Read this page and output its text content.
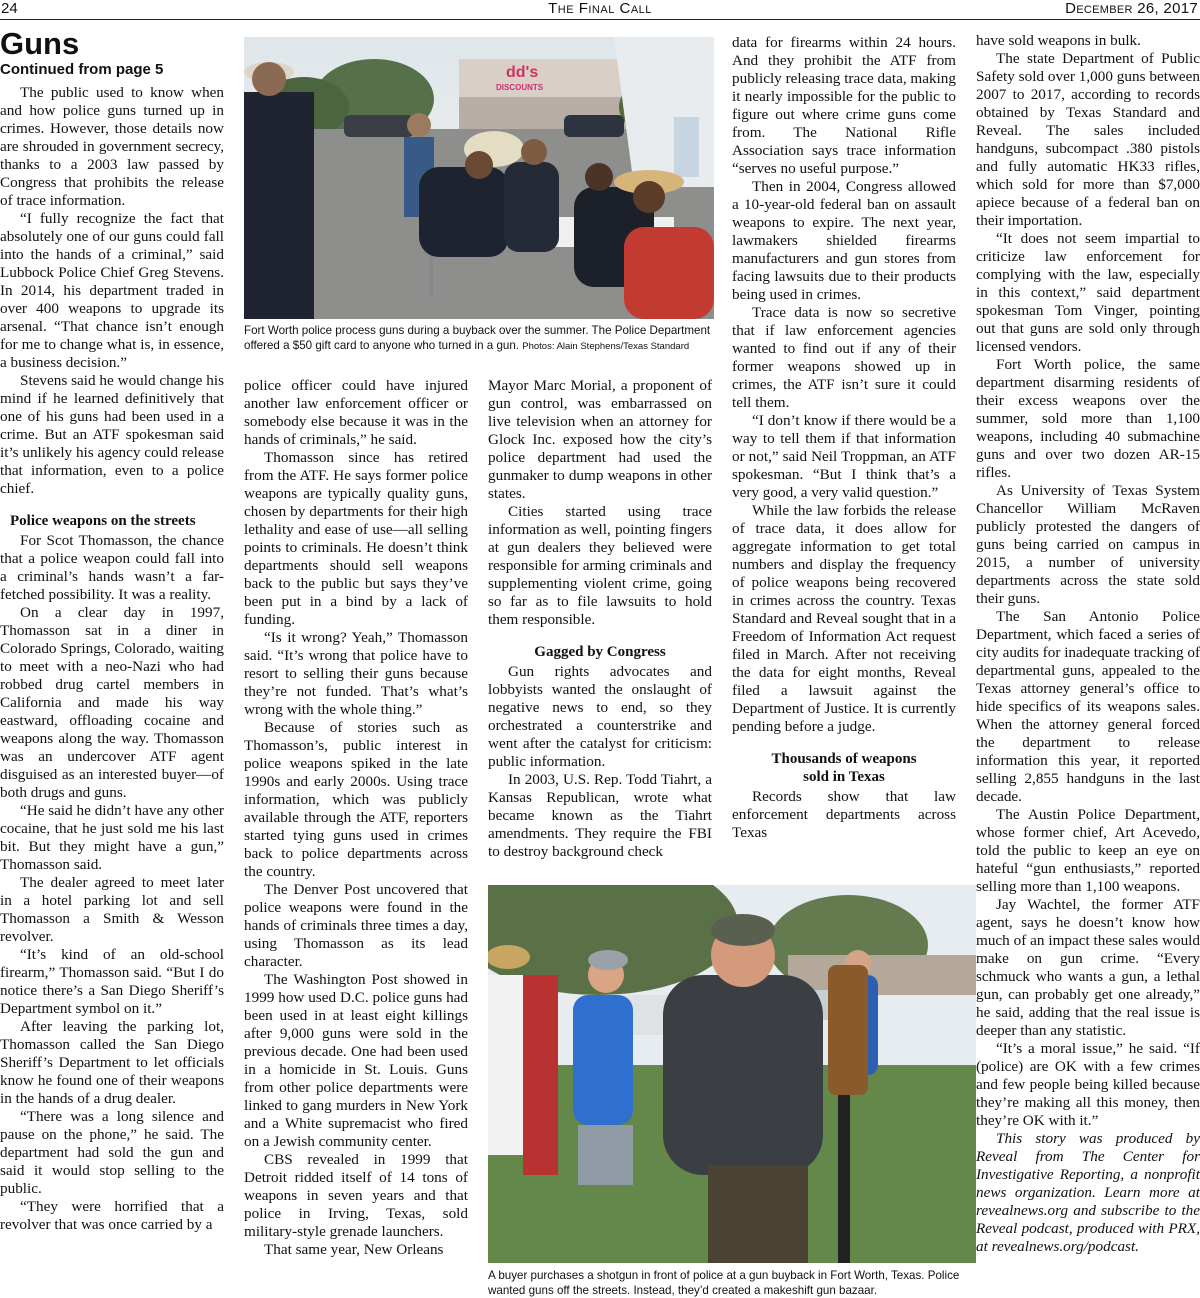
24	The Final Call	December 26, 2017
Guns
Continued from page 5

The public used to know when and how police guns turned up in crimes. However, those details now are shrouded in government secrecy, thanks to a 2003 law passed by Congress that prohibits the release of trace information.

“I fully recognize the fact that absolutely one of our guns could fall into the hands of a criminal,” said Lubbock Police Chief Greg Stevens. In 2014, his department traded in over 400 weapons to upgrade its arsenal. “That chance isn’t enough for me to change what is, in essence, a business decision.”

Stevens said he would change his mind if he learned definitively that one of his guns had been used in a crime. But an ATF spokesman said it’s unlikely his agency could release that information, even to a police chief.

Police weapons on the streets

For Scot Thomasson, the chance that a police weapon could fall into a criminal’s hands wasn’t a far-fetched possibility. It was a reality.

On a clear day in 1997, Thomasson sat in a diner in Colorado Springs, Colorado, waiting to meet with a neo-Nazi who had robbed drug cartel members in California and made his way eastward, offloading cocaine and weapons along the way. Thomasson was an undercover ATF agent disguised as an interested buyer—of both drugs and guns.

“He said he didn’t have any other cocaine, that he just sold me his last bit. But they might have a gun,” Thomasson said.

The dealer agreed to meet later in a hotel parking lot and sell Thomasson a Smith & Wesson revolver.

“It’s kind of an old-school firearm,” Thomasson said. “But I do notice there’s a San Diego Sheriff’s Department symbol on it.”

After leaving the parking lot, Thomasson called the San Diego Sheriff’s Department to let officials know he found one of their weapons in the hands of a drug dealer.

“There was a long silence and pause on the phone,” he said. The department had sold the gun and said it would stop selling to the public.

“They were horrified that a revolver that was once carried by a

dd's
DISCOUNTS
Fort Worth police process guns during a buyback over the summer. The Police Department offered a $50 gift card to anyone who turned in a gun. Photos: Alain Stephens/Texas Standard

police officer could have injured another law enforcement officer or somebody else because it was in the hands of criminals,” he said.

Thomasson since has retired from the ATF. He says former police weapons are typically quality guns, chosen by departments for their high lethality and ease of use—all selling points to criminals. He doesn’t think departments should sell weapons back to the public but says they’ve been put in a bind by a lack of funding.

“Is it wrong? Yeah,” Thomasson said. “It’s wrong that police have to resort to selling their guns because they’re not funded. That’s what’s wrong with the whole thing.”

Because of stories such as Thomasson’s, public interest in police weapons spiked in the late 1990s and early 2000s. Using trace information, which was publicly available through the ATF, reporters started tying guns used in crimes back to police departments across the country.

The Denver Post uncovered that police weapons were found in the hands of criminals three times a day, using Thomasson as its lead character.

The Washington Post showed in 1999 how used D.C. police guns had been used in at least eight killings after 9,000 guns were sold in the previous decade. One had been used in a homicide in St. Louis. Guns from other police departments were linked to gang murders in New York and a White supremacist who fired on a Jewish community center.

CBS revealed in 1999 that Detroit ridded itself of 14 tons of weapons in seven years and that police in Irving, Texas, sold military-style grenade launchers.

That same year, New Orleans

Mayor Marc Morial, a proponent of gun control, was embarrassed on live television when an attorney for Glock Inc. exposed how the city’s police department had used the gunmaker to dump weapons in other states.

Cities started using trace information as well, pointing fingers at gun dealers they believed were responsible for arming criminals and supplementing violent crime, going so far as to file lawsuits to hold them responsible.

Gagged by Congress

Gun rights advocates and lobbyists wanted the onslaught of negative news to end, so they orchestrated a counterstrike and went after the catalyst for criticism: public information.

In 2003, U.S. Rep. Todd Tiahrt, a Kansas Republican, wrote what became known as the Tiahrt amendments. They require the FBI to destroy background check

data for firearms within 24 hours. And they prohibit the ATF from publicly releasing trace data, making it nearly impossible for the public to figure out where crime guns come from. The National Rifle Association says trace information “serves no useful purpose.”

Then in 2004, Congress allowed a 10-year-old federal ban on assault weapons to expire. The next year, lawmakers shielded firearms manufacturers and gun stores from facing lawsuits due to their products being used in crimes.

Trace data is now so secretive that if law enforcement agencies wanted to find out if any of their former weapons showed up in crimes, the ATF isn’t sure it could tell them.

“I don’t know if there would be a way to tell them if that information or not,” said Neil Troppman, an ATF spokesman. “But I think that’s a very good, a very valid question.”

While the law forbids the release of trace data, it does allow for aggregate information to get total numbers and display the frequency of police weapons being recovered in crimes across the country. Texas Standard and Reveal sought that in a Freedom of Information Act request filed in March. After not receiving the data for eight months, Reveal filed a lawsuit against the Department of Justice. It is currently pending before a judge.

Thousands of weapons sold in Texas

Records show that law enforcement departments across Texas

A buyer purchases a shotgun in front of police at a gun buyback in Fort Worth, Texas. Police wanted guns off the streets. Instead, they’d created a makeshift gun bazaar.

have sold weapons in bulk.

The state Department of Public Safety sold over 1,000 guns between 2007 to 2017, according to records obtained by Texas Standard and Reveal. The sales included handguns, subcompact .380 pistols and fully automatic HK33 rifles, which sold for more than $7,000 apiece because of a federal ban on their importation.

“It does not seem impartial to criticize law enforcement for complying with the law, especially in this context,” said department spokesman Tom Vinger, pointing out that guns are sold only through licensed vendors.

Fort Worth police, the same department disarming residents of their excess weapons over the summer, sold more than 1,100 weapons, including 40 submachine guns and over two dozen AR-15 rifles.

As University of Texas System Chancellor William McRaven publicly protested the dangers of guns being carried on campus in 2015, a number of university departments across the state sold their guns.

The San Antonio Police Department, which faced a series of city audits for inadequate tracking of departmental guns, appealed to the Texas attorney general’s office to hide specifics of its weapons sales. When the attorney general forced the department to release information this year, it reported selling 2,855 handguns in the last decade.

The Austin Police Department, whose former chief, Art Acevedo, told the public to keep an eye on hateful “gun enthusiasts,” reported selling more than 1,100 weapons.

Jay Wachtel, the former ATF agent, says he doesn’t know how much of an impact these sales would make on gun crime. “Every schmuck who wants a gun, a lethal gun, can probably get one already,” he said, adding that the real issue is deeper than any statistic.

“It’s a moral issue,” he said. “If (police) are OK with a few crimes and few people being killed because they’re making all this money, then they’re OK with it.”

This story was produced by Reveal from The Center for Investigative Reporting, a nonprofit news organization. Learn more at revealnews.org and subscribe to the Reveal podcast, produced with PRX, at revealnews.org/podcast.
